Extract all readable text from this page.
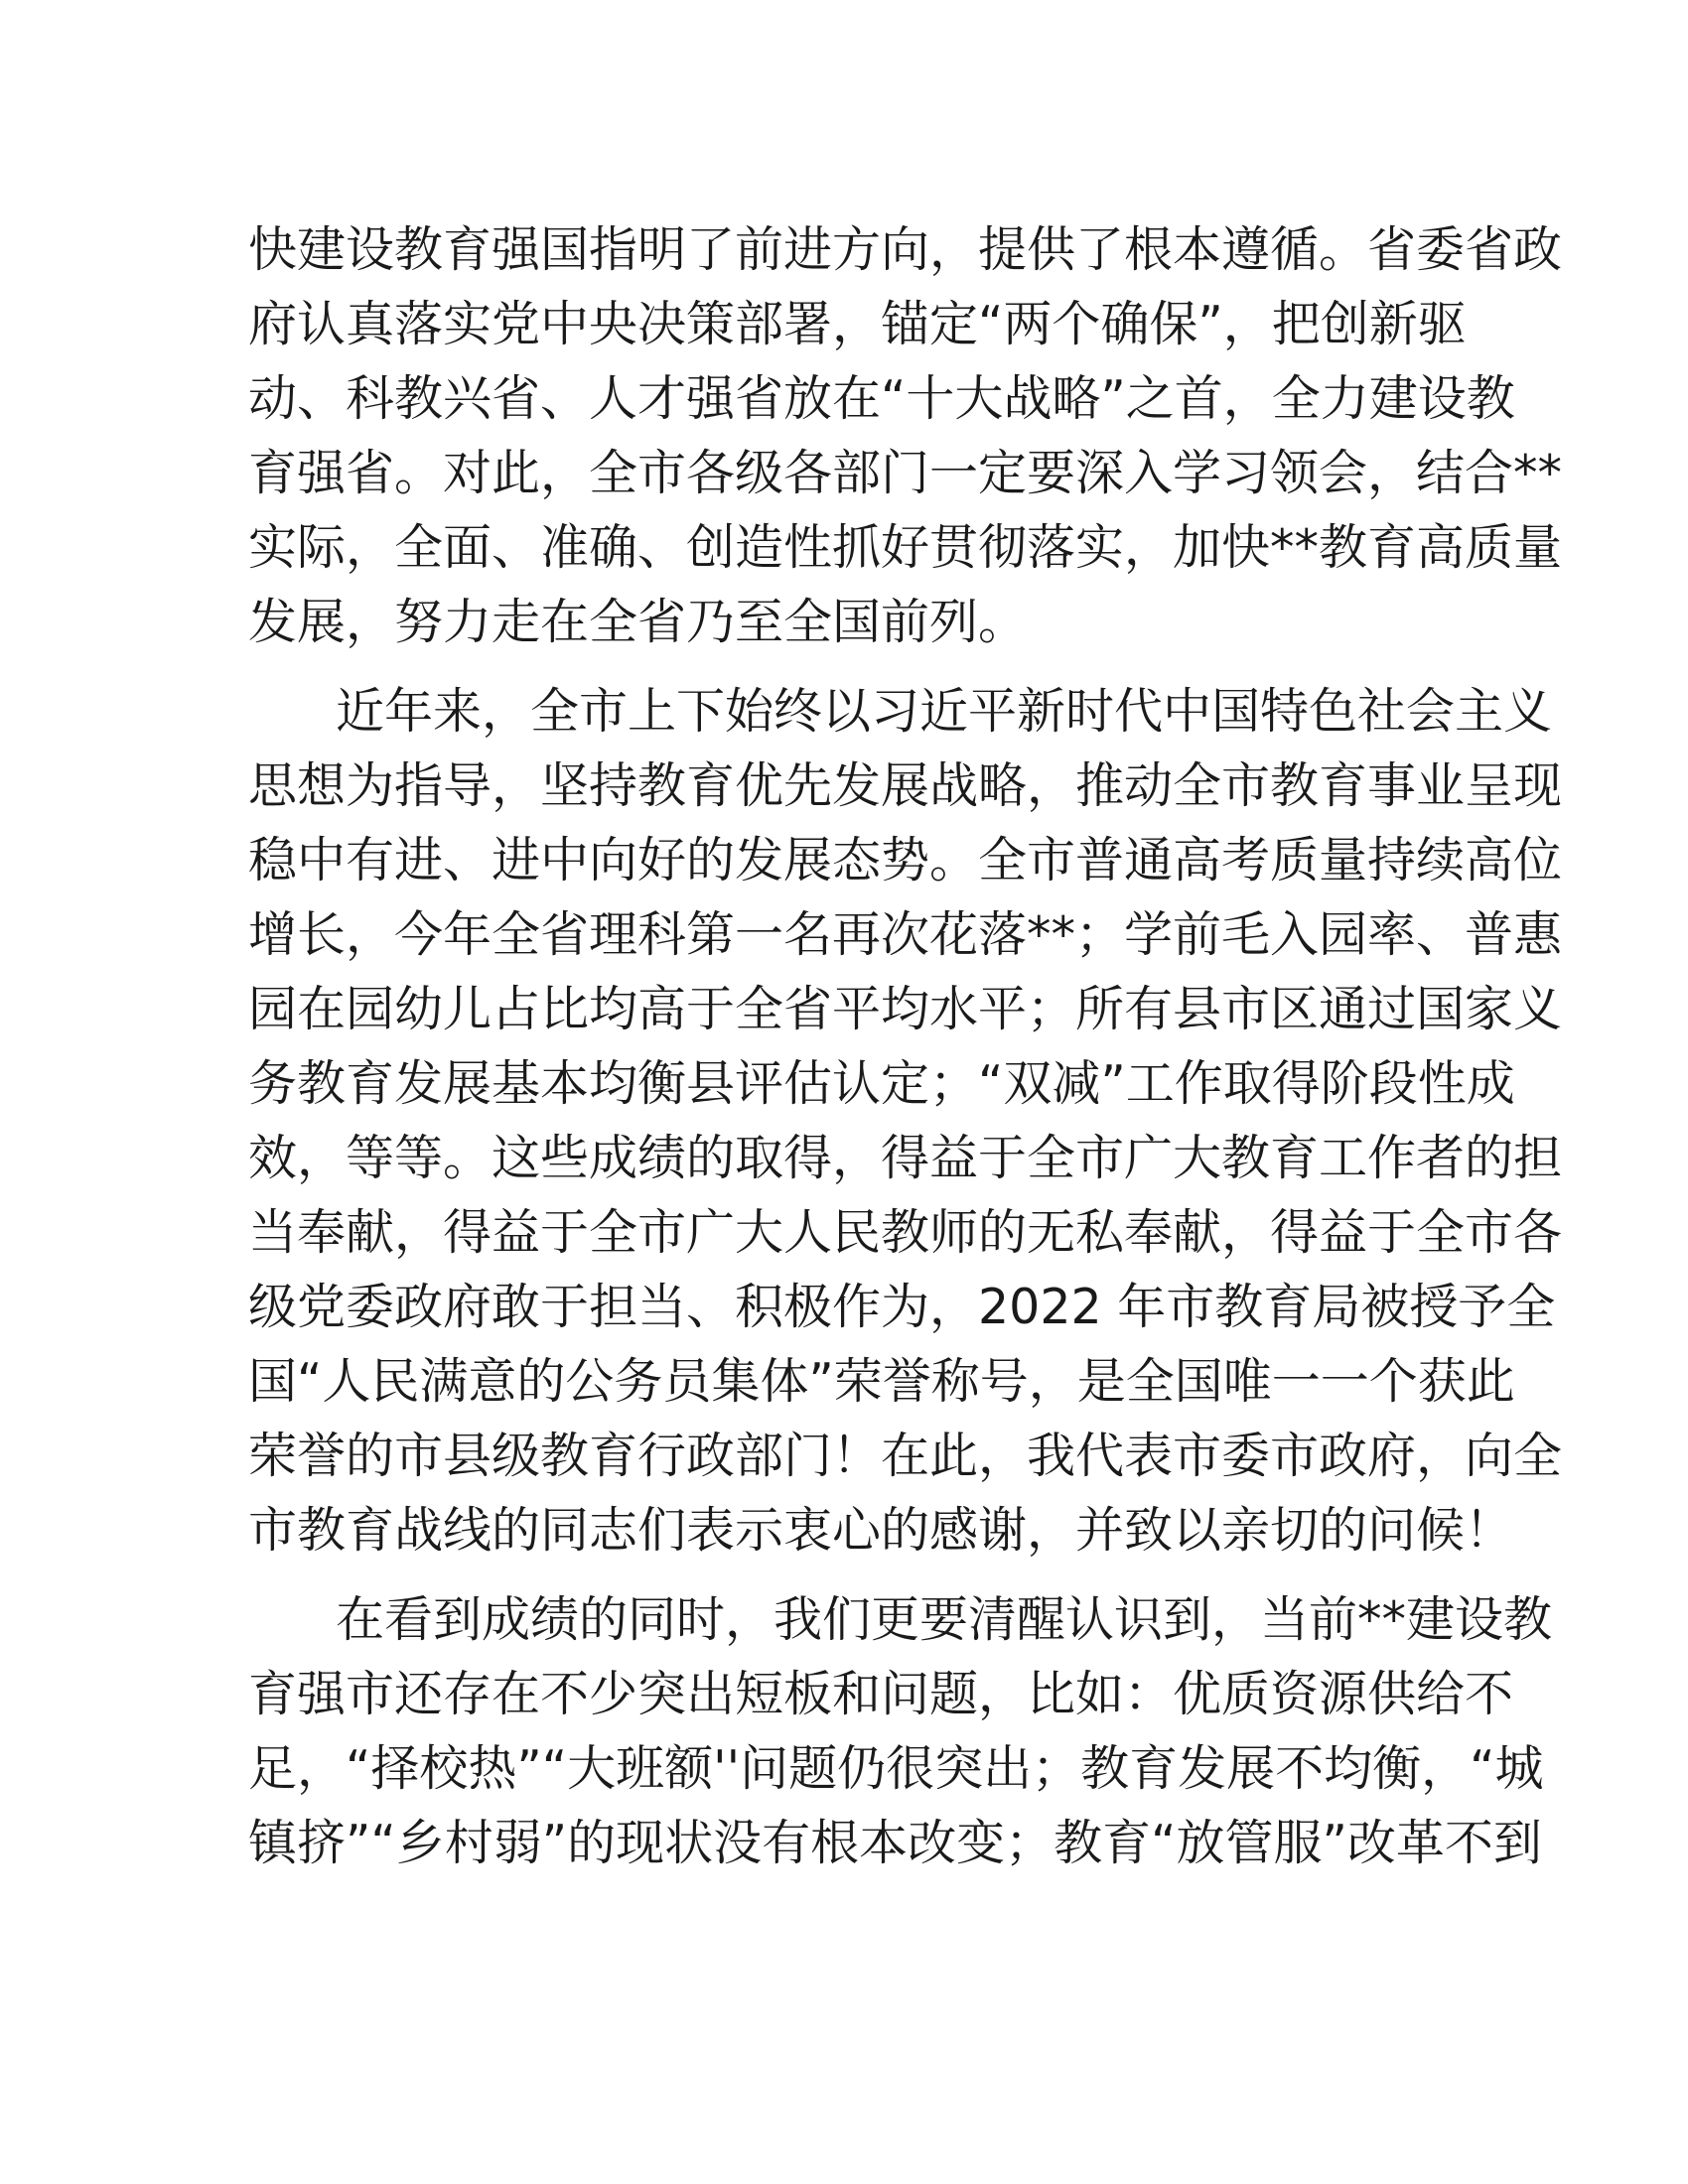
快建设教育强国指明了前进方向，提供了根本遵循。省委省政
府认真落实党中央决策部署，锚定“两个确保”，把创新驱
动、科教兴省、人才强省放在“十大战略”之首，全力建设教
育强省。对此，全市各级各部门一定要深入学习领会，结合**
实际，全面、准确、创造性抓好贯彻落实，加快**教育高质量
发展，努力走在全省乃至全国前列。
近年来，全市上下始终以习近平新时代中国特色社会主义
思想为指导，坚持教育优先发展战略，推动全市教育事业呈现
稳中有进、进中向好的发展态势。全市普通高考质量持续高位
增长，今年全省理科第一名再次花落**；学前毛入园率、普惠
园在园幼儿占比均高于全省平均水平；所有县市区通过国家义
务教育发展基本均衡县评估认定；“双减”工作取得阶段性成
效，等等。这些成绩的取得，得益于全市广大教育工作者的担
当奉献，得益于全市广大人民教师的无私奉献，得益于全市各
级党委政府敢于担当、积极作为，2022 年市教育局被授予全
国“人民满意的公务员集体”荣誉称号，是全国唯一一个获此
荣誉的市县级教育行政部门！在此，我代表市委市政府，向全
市教育战线的同志们表示衷心的感谢，并致以亲切的问候！
在看到成绩的同时，我们更要清醒认识到，当前**建设教
育强市还存在不少突出短板和问题，比如：优质资源供给不
足，“择校热”“大班额''问题仍很突出；教育发展不均衡，“城
镇挤”“乡村弱”的现状没有根本改变；教育“放管服”改革不到
